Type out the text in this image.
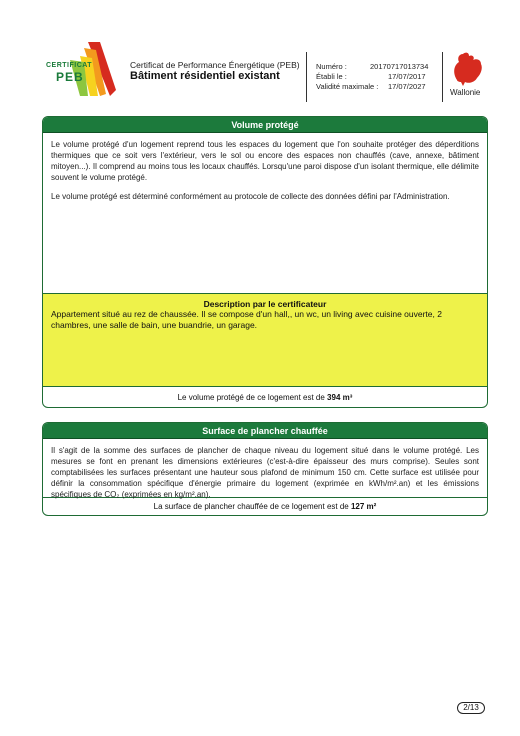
CERTIFICAT
PEB
Certificat de Performance Énergétique (PEB)
Bâtiment résidentiel existant
Numéro :	20170717013734
Établi le :	17/07/2017
Validité maximale : 17/07/2027
Wallonie
Volume protégé

Le volume protégé d'un logement reprend tous les espaces du logement que l'on souhaite protéger des déperditions thermiques que ce soit vers l'extérieur, vers le sol ou encore des espaces non chauffés (cave, annexe, bâtiment mitoyen...). Il comprend au moins tous les locaux chauffés. Lorsqu'une paroi dispose d'un isolant thermique, elle délimite souvent le volume protégé.

Le volume protégé est déterminé conformément au protocole de collecte des données défini par l'Administration.

Description par le certificateur
Appartement situé au rez de chaussée. Il se compose d'un hall,, un wc, un living avec cuisine ouverte, 2 chambres, une salle de bain, une buandrie, un garage.
Le volume protégé de ce logement est de 394 m³
Surface de plancher chauffée
Il s'agit de la somme des surfaces de plancher de chaque niveau du logement situé dans le volume protégé. Les mesures se font en prenant les dimensions extérieures (c'est-à-dire épaisseur des murs comprise). Seules sont comptabilisées les surfaces présentant une hauteur sous plafond de minimum 150 cm. Cette surface est utilisée pour définir la consommation spécifique d'énergie primaire du logement (exprimée en kWh/m².an) et les émissions spécifiques de CO₂ (exprimées en kg/m².an).
La surface de plancher chauffée de ce logement est de 127 m²
2/13
